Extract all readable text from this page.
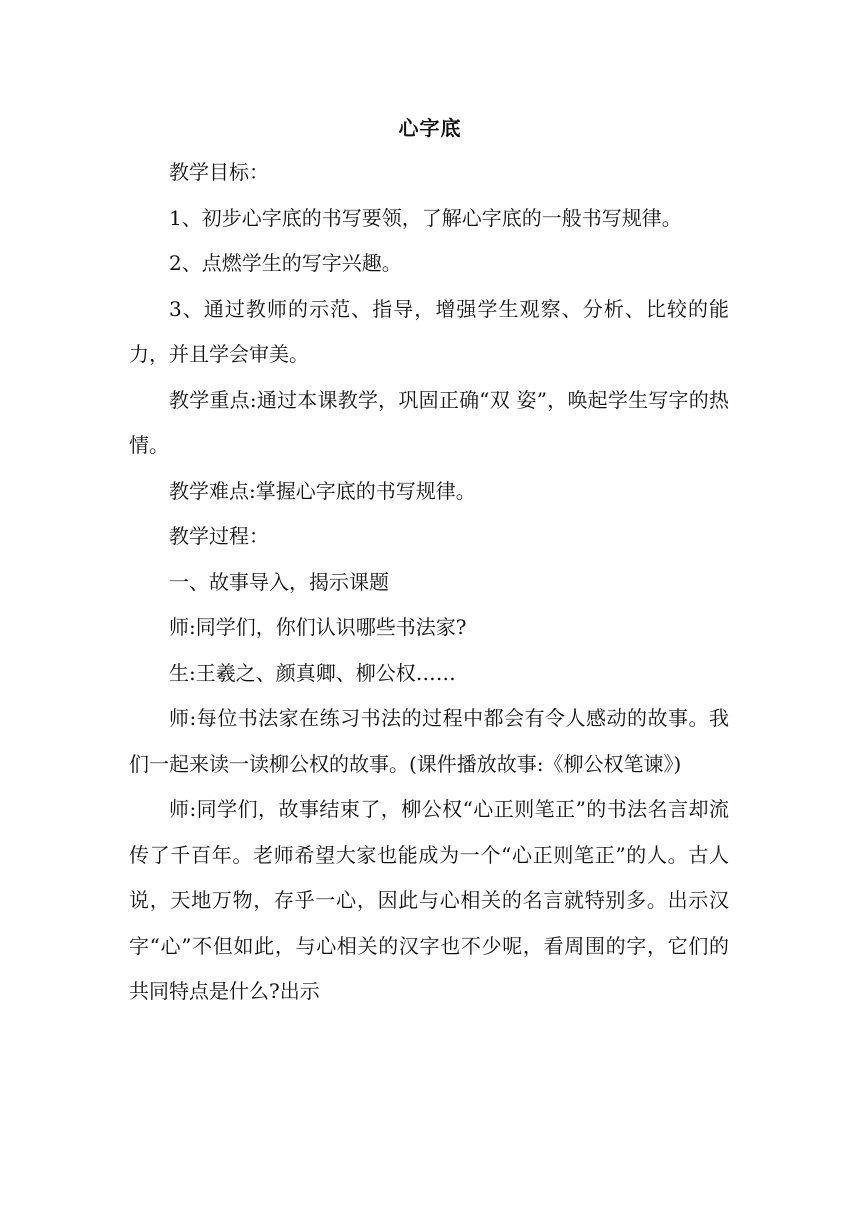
心字底

教学目标：

1、初步心字底的书写要领，了解心字底的一般书写规律。

2、点燃学生的写字兴趣。

3、通过教师的示范、指导，增强学生观察、分析、比较的能力，并且学会审美。

教学重点:通过本课教学，巩固正确“双 姿”，唤起学生写字的热情。

教学难点:掌握心字底的书写规律。

教学过程：

一、故事导入，揭示课题

师:同学们，你们认识哪些书法家?

生:王羲之、颜真卿、柳公权……

师:每位书法家在练习书法的过程中都会有令人感动的故事。我们一起来读一读柳公权的故事。(课件播放故事:《柳公权笔谏》)

师:同学们，故事结束了，柳公权“心正则笔正”的书法名言却流传了千百年。老师希望大家也能成为一个“心正则笔正”的人。古人说，天地万物，存乎一心，因此与心相关的名言就特别多。出示汉字“心”不但如此，与心相关的汉字也不少呢，看周围的字，它们的共同特点是什么?出示
